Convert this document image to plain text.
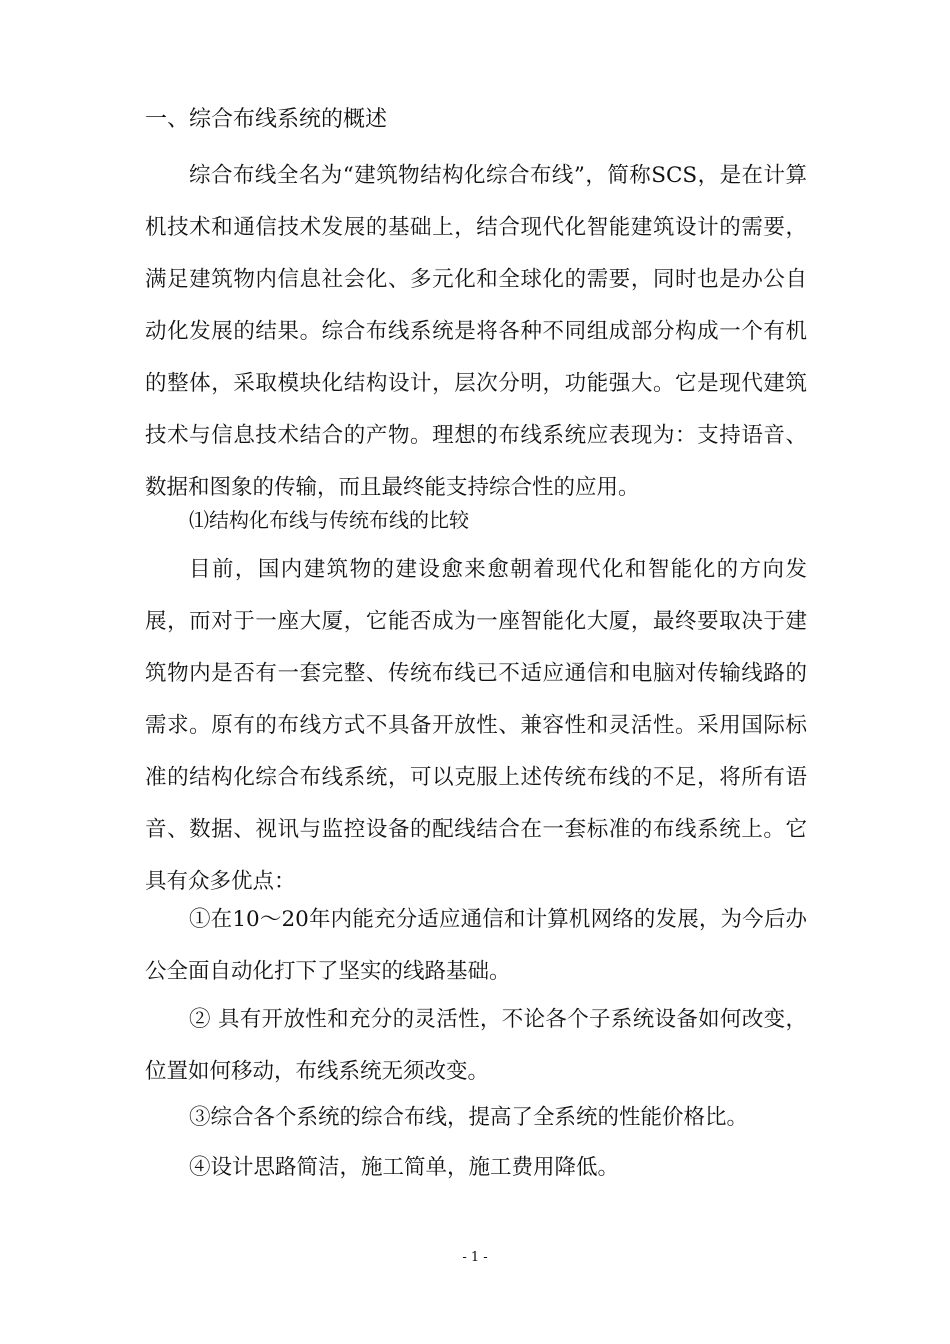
一、综合布线系统的概述

综合布线全名为“建筑物结构化综合布线”，简称SCS，是在计算机技术和通信技术发展的基础上，结合现代化智能建筑设计的需要，满足建筑物内信息社会化、多元化和全球化的需要，同时也是办公自动化发展的结果。综合布线系统是将各种不同组成部分构成一个有机的整体，采取模块化结构设计，层次分明，功能强大。它是现代建筑技术与信息技术结合的产物。理想的布线系统应表现为：支持语音、数据和图象的传输，而且最终能支持综合性的应用。

⑴结构化布线与传统布线的比较

目前，国内建筑物的建设愈来愈朝着现代化和智能化的方向发展，而对于一座大厦，它能否成为一座智能化大厦，最终要取决于建筑物内是否有一套完整、传统布线已不适应通信和电脑对传输线路的需求。原有的布线方式不具备开放性、兼容性和灵活性。采用国际标准的结构化综合布线系统，可以克服上述传统布线的不足，将所有语音、数据、视讯与监控设备的配线结合在一套标准的布线系统上。它具有众多优点：

①在10～20年内能充分适应通信和计算机网络的发展，为今后办公全面自动化打下了坚实的线路基础。

② 具有开放性和充分的灵活性，不论各个子系统设备如何改变，位置如何移动，布线系统无须改变。

③综合各个系统的综合布线，提高了全系统的性能价格比。

④设计思路简洁，施工简单，施工费用降低。

- 1 -
